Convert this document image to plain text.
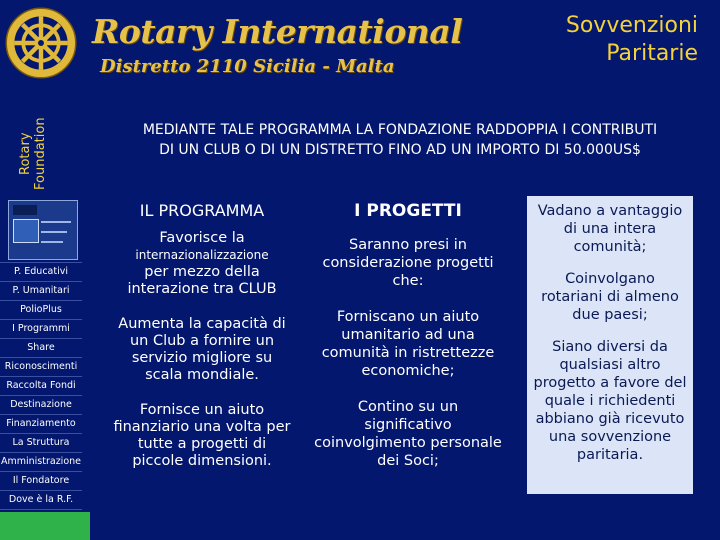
Rotary Foundation
P. Educativi
P. Umanitari
PolioPlus
I Programmi
Share
Riconoscimenti
Raccolta Fondi
Destinazione
Finanziamento
La Struttura
Amministrazione
Il Fondatore
Dove è la R.F.
Rotary International
Distretto 2110 Sicilia - Malta
Sovvenzioni
Paritarie
MEDIANTE TALE PROGRAMMA LA FONDAZIONE RADDOPPIA I CONTRIBUTI DI UN CLUB O DI UN DISTRETTO FINO AD UN IMPORTO DI 50.000US$
IL PROGRAMMA
Favorisce la
internazionalizzazione
per mezzo della interazione tra CLUB
Aumenta la capacità di un Club a fornire un servizio migliore su scala mondiale.
Fornisce un aiuto finanziario una volta per tutte a progetti di piccole dimensioni.
I PROGETTI
Saranno presi in considerazione progetti che:
Forniscano un aiuto umanitario ad una comunità in ristrettezze economiche;
Contino su un significativo coinvolgimento personale dei Soci;
Vadano a vantaggio di una intera comunità;
Coinvolgano rotariani di almeno due paesi;
Siano diversi da qualsiasi altro progetto a favore del quale i richiedenti abbiano già ricevuto una sovvenzione paritaria.
